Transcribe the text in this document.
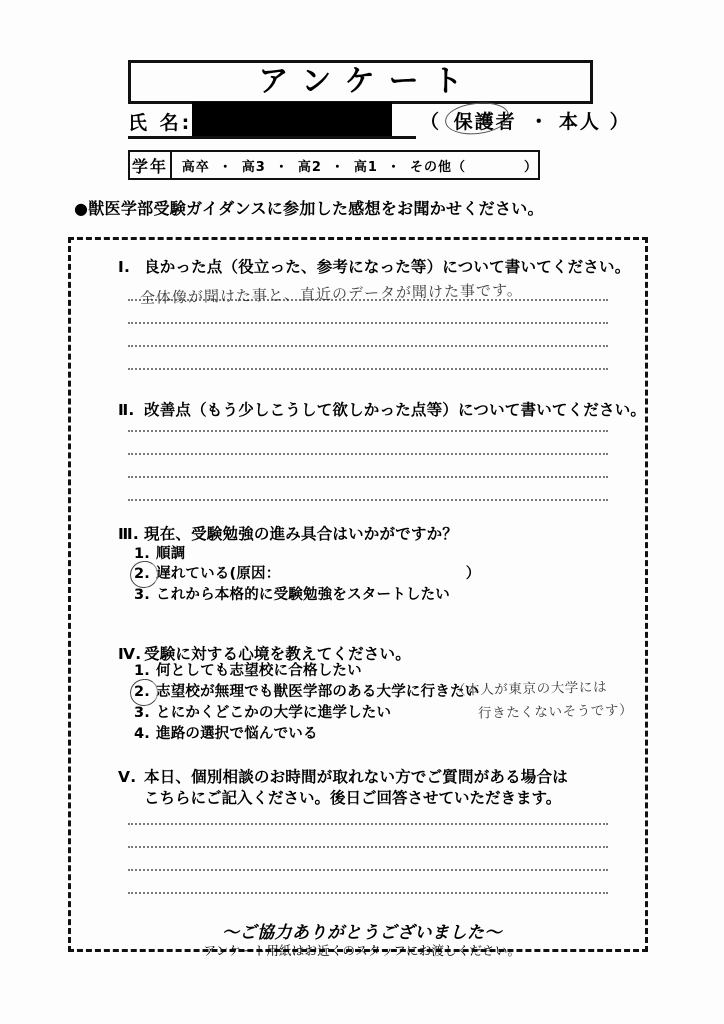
アンケート
氏 名:	（ 保護者 ・ 本人 ）
学年 高卒 ・ 高3 ・ 高2 ・ 高1 ・ その他（	）
●獣医学部受験ガイダンスに参加した感想をお聞かせください。
Ⅰ. 良かった点（役立った、参考になった等）について書いてください。
全体像が聞けた事と、直近のデータが聞けた事です。
Ⅱ. 改善点（もう少しこうして欲しかった点等）について書いてください。
Ⅲ. 現在、受験勉強の進み具合はいかがですか？
1. 順調
2. 遅れている(原因：	）
3. これから本格的に受験勉強をスタートしたい
Ⅳ. 受験に対する心境を教えてください。
1. 何としても志望校に合格したい
2. 志望校が無理でも獣医学部のある大学に行きたい
3. とにかくどこかの大学に進学したい
4. 進路の選択で悩んでいる
（本人が東京の大学には
行きたくないそうです）
Ⅴ. 本日、個別相談のお時間が取れない方でご質問がある場合は
こちらにご記入ください。後日ご回答させていただきます。
～ご協力ありがとうございました～
アンケート用紙はお近くのスタッフにお渡しください。
